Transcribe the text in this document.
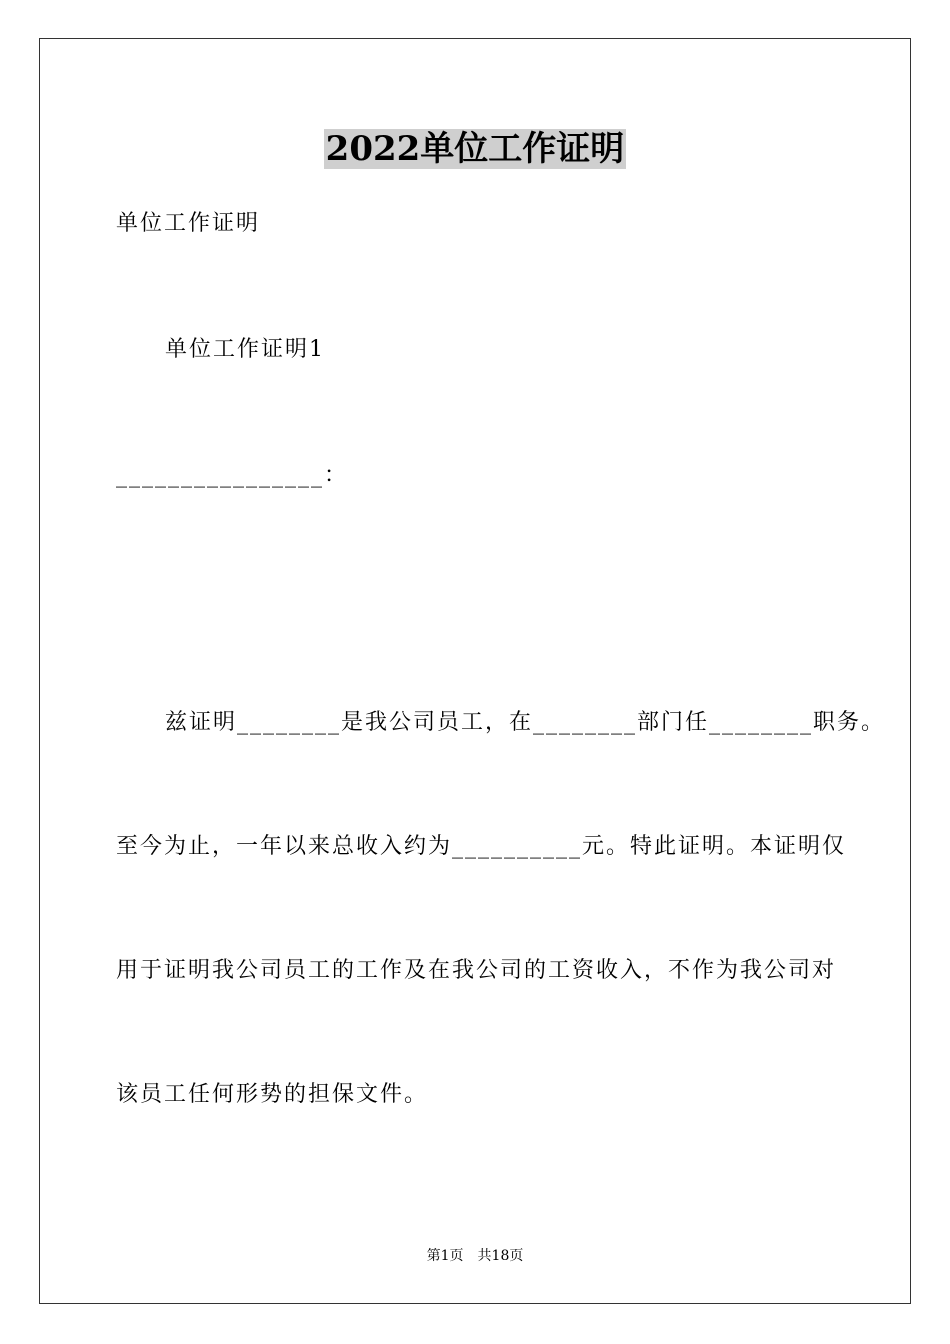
2022单位工作证明
单位工作证明
单位工作证明1
________________：
兹证明________是我公司员工，在________部门任________职务。
至今为止，一年以来总收入约为__________元。特此证明。本证明仅
用于证明我公司员工的工作及在我公司的工资收入，不作为我公司对
该员工任何形势的担保文件。
第1页　共18页
